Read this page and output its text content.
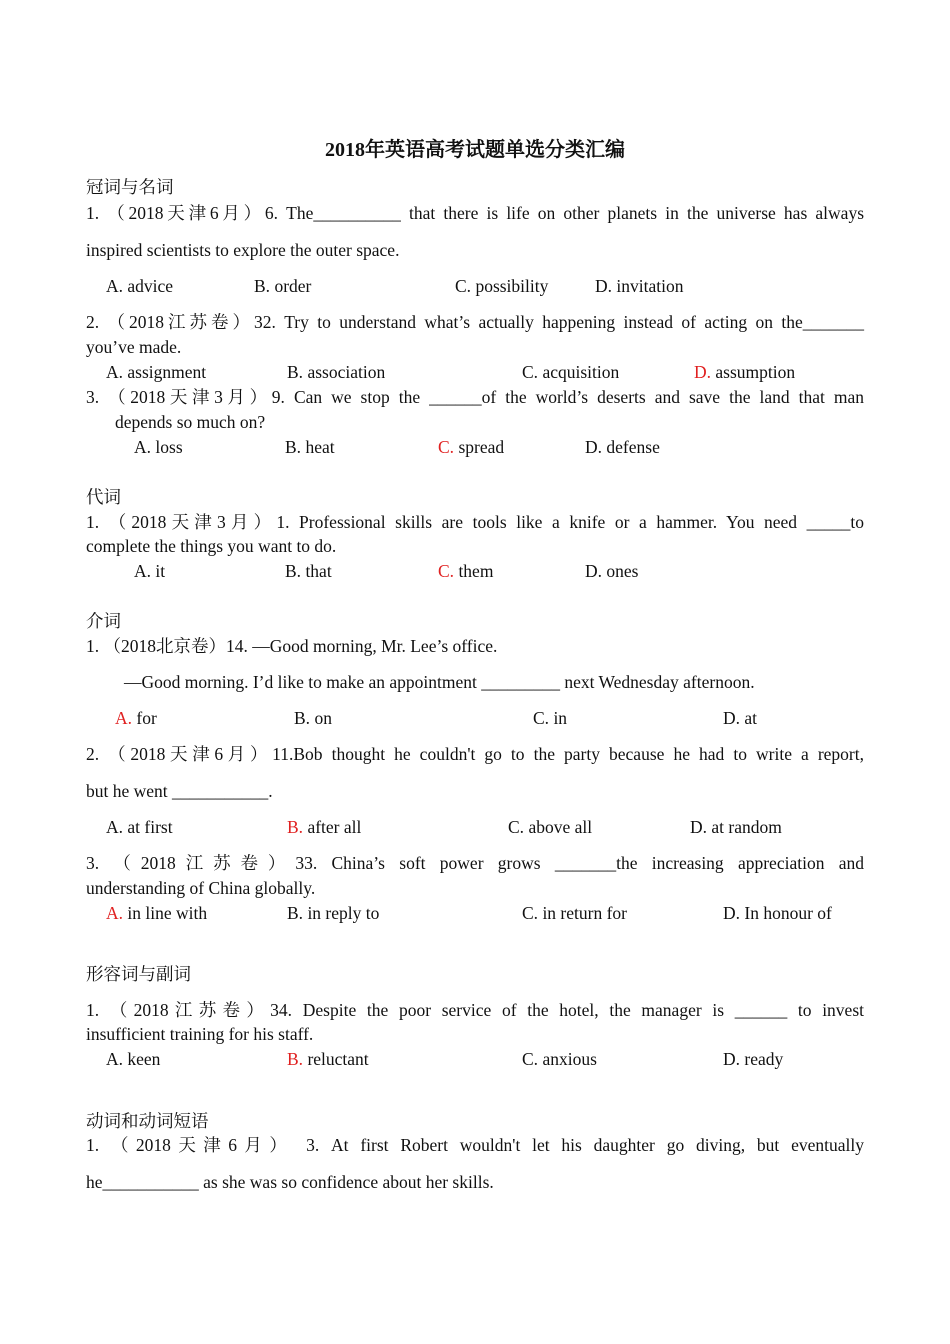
2018年英语高考试题单选分类汇编
冠词与名词
1. （2018天津6月）6. The__________ that there is life on other planets in the universe has always
inspired scientists to explore the outer space.
A. advice	B. order	C. possibility	D. invitation
2. （2018江苏卷）32. Try to understand what’s actually happening instead of acting on the_______
you’ve made.
A. assignment	B. association	C. acquisition	D. assumption
3. （2018天津3月）9. Can we stop the ______of the world’s deserts and save the land that man
depends so much on?
A. loss	B. heat	C. spread	D. defense
代词
1. （2018天津3月）1. Professional skills are tools like a knife or a hammer. You need _____to
complete the things you want to do.
A. it	B. that	C. them	D. ones
介词
1. （2018北京卷）14. —Good morning, Mr. Lee’s office.
—Good morning. I’d like to make an appointment _________ next Wednesday afternoon.
A. for	B. on	C. in	D. at
2. （2018天津6月）11.Bob thought he couldn't go to the party because he had to write a report,
but he went ___________.
A. at first	B. after all	C. above all	D. at random
3. （2018江苏卷）33. China’s soft power grows _______the increasing appreciation and
understanding of China globally.
A. in line with	B. in reply to	C. in return for	D. In honour of
形容词与副词
1. （2018江苏卷）34. Despite the poor service of the hotel, the manager is ______ to invest
insufficient training for his staff.
A. keen	B. reluctant	C. anxious	D. ready
动词和动词短语
1. （2018天津6月） 3. At first Robert wouldn't let his daughter go diving, but eventually
he___________ as she was so confidence about her skills.
